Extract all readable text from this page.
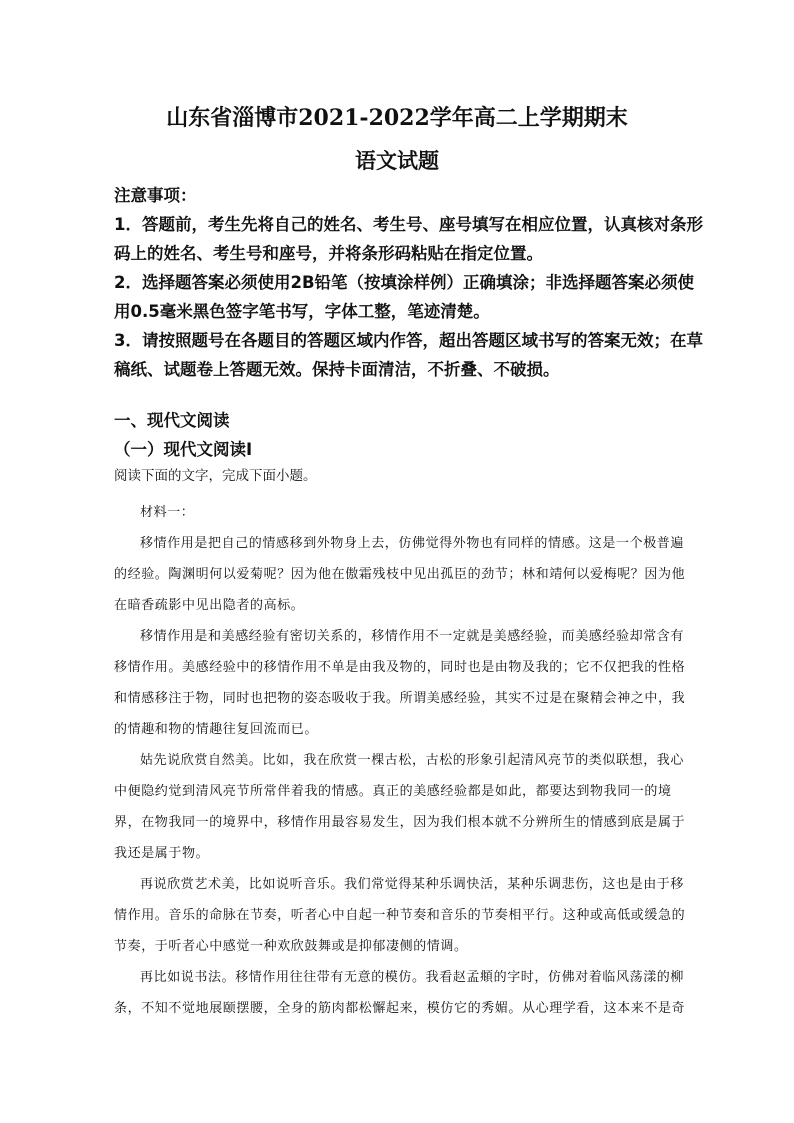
山东省淄博市2021-2022学年高二上学期期末
语文试题

注意事项：

1．答题前，考生先将自己的姓名、考生号、座号填写在相应位置，认真核对条形码上的姓名、考生号和座号，并将条形码粘贴在指定位置。

2．选择题答案必须使用2B铅笔（按填涂样例）正确填涂；非选择题答案必须使用0.5毫米黑色签字笔书写，字体工整，笔迹清楚。

3．请按照题号在各题目的答题区域内作答，超出答题区域书写的答案无效；在草稿纸、试题卷上答题无效。保持卡面清洁，不折叠、不破损。

一、现代文阅读
（一）现代文阅读Ⅰ
阅读下面的文字，完成下面小题。

材料一：

移情作用是把自己的情感移到外物身上去，仿佛觉得外物也有同样的情感。这是一个极普遍的经验。陶渊明何以爱菊呢？因为他在傲霜残枝中见出孤臣的劲节；林和靖何以爱梅呢？因为他在暗香疏影中见出隐者的高标。

移情作用是和美感经验有密切关系的，移情作用不一定就是美感经验，而美感经验却常含有移情作用。美感经验中的移情作用不单是由我及物的，同时也是由物及我的；它不仅把我的性格和情感移注于物，同时也把物的姿态吸收于我。所谓美感经验，其实不过是在聚精会神之中，我的情趣和物的情趣往复回流而已。

姑先说欣赏自然美。比如，我在欣赏一棵古松，古松的形象引起清风亮节的类似联想，我心中便隐约觉到清风亮节所常伴着我的情感。真正的美感经验都是如此，都要达到物我同一的境界，在物我同一的境界中，移情作用最容易发生，因为我们根本就不分辨所生的情感到底是属于我还是属于物。

再说欣赏艺术美，比如说听音乐。我们常觉得某种乐调快活，某种乐调悲伤，这也是由于移情作用。音乐的命脉在节奏，听者心中自起一种节奏和音乐的节奏相平行。这种或高低或缓急的节奏，于听者心中感觉一种欢欣鼓舞或是抑郁凄侧的情调。

再比如说书法。移情作用往往带有无意的模仿。我看赵孟頫的字时，仿佛对着临风荡漾的柳条，不知不觉地展颐摆腰，全身的筋肉都松懈起来，模仿它的秀媚。从心理学看，这本来不是奇
